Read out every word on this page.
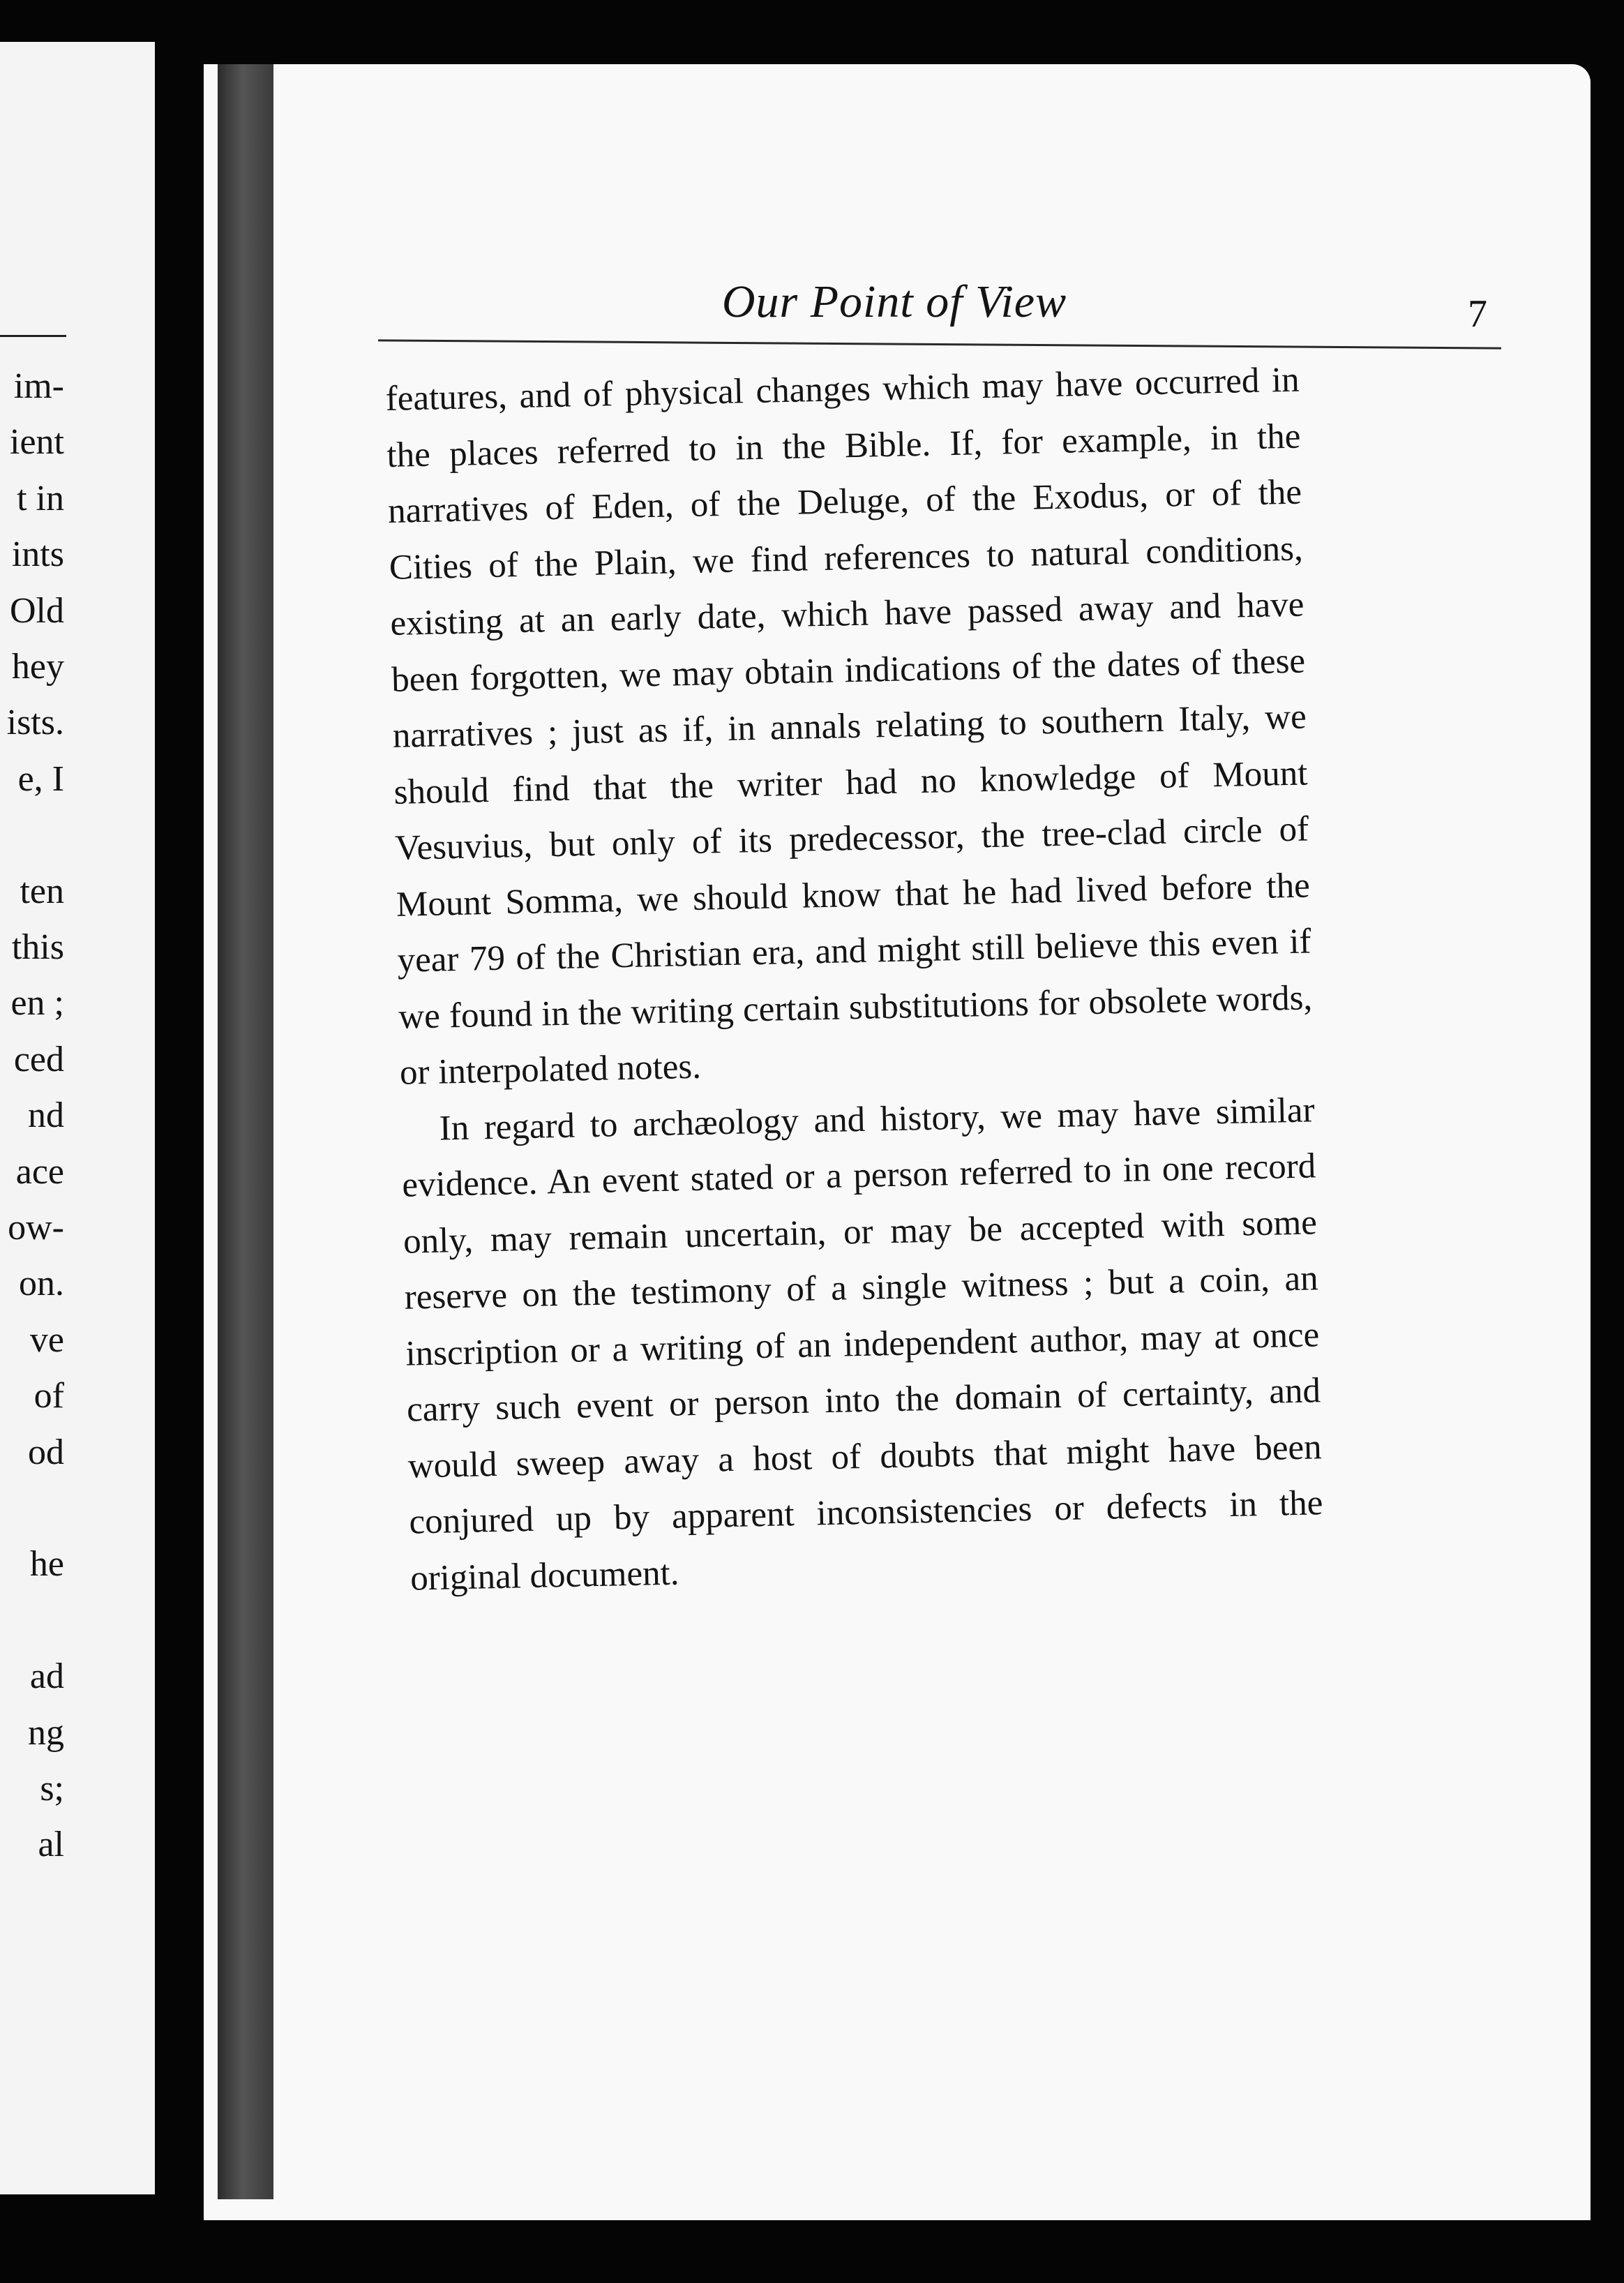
im-
ient
t in
ints
Old
hey
ists.
e, I
ten
this
en ;
ced
nd
ace
ow-
on.
ve
of
od
he
ad
ng
s;
al
Our Point of View	7

features, and of physical changes which may have occurred in the places referred to in the Bible. If, for example, in the narratives of Eden, of the Deluge, of the Exodus, or of the Cities of the Plain, we find references to natural conditions, existing at an early date, which have passed away and have been forgotten, we may obtain indications of the dates of these narratives ; just as if, in annals relating to southern Italy, we should find that the writer had no knowledge of Mount Vesuvius, but only of its predecessor, the tree-clad circle of Mount Somma, we should know that he had lived before the year 79 of the Christian era, and might still believe this even if we found in the writing certain substitutions for obsolete words, or interpolated notes.

In regard to archæology and history, we may have similar evidence. An event stated or a person referred to in one record only, may remain uncertain, or may be accepted with some reserve on the testimony of a single witness ; but a coin, an inscription or a writing of an independent author, may at once carry such event or person into the domain of certainty, and would sweep away a host of doubts that might have been conjured up by apparent inconsistencies or defects in the original document.
